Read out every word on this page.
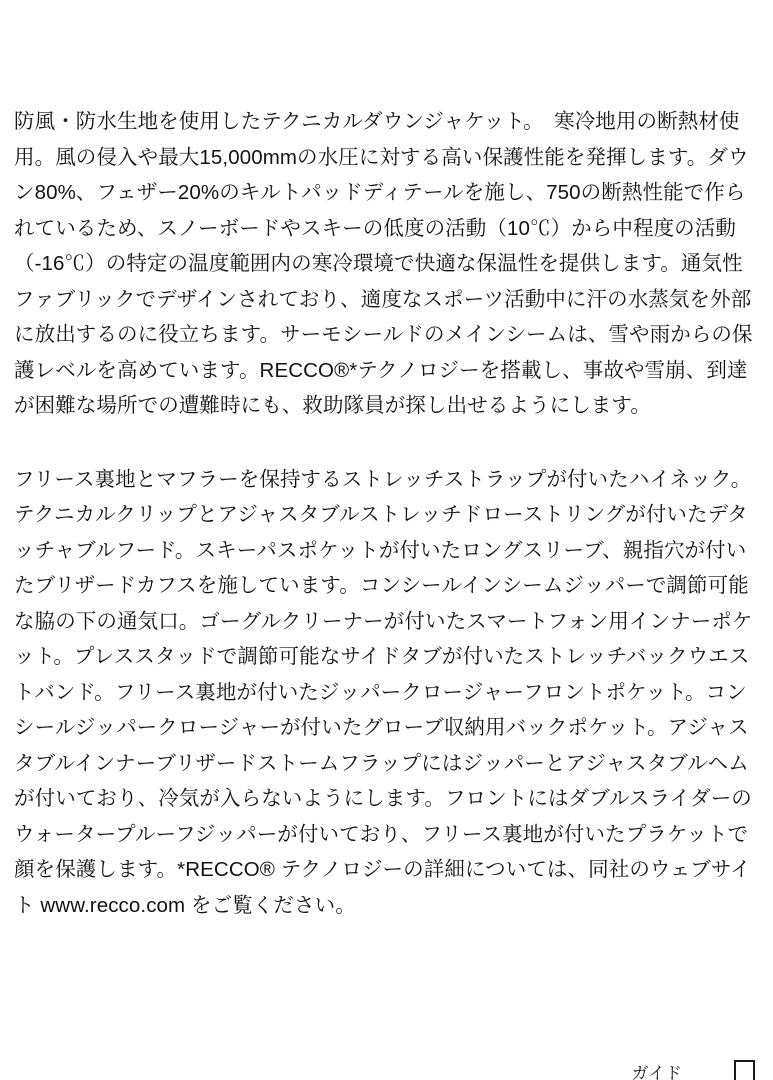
防風・防水生地を使用したテクニカルダウンジャケット。　寒冷地用の断熱材使用。風の侵入や最大15,000mmの水圧に対する高い保護性能を発揮します。ダウン80%、フェザー20%のキルトパッドディテールを施し、750の断熱性能で作られているため、スノーボードやスキーの低度の活動（10℃）から中程度の活動（-16℃）の特定の温度範囲内の寒冷環境で快適な保温性を提供します。通気性ファブリックでデザインされており、適度なスポーツ活動中に汗の水蒸気を外部に放出するのに役立ちます。サーモシールドのメインシームは、雪や雨からの保護レベルを高めています。RECCO®*テクノロジーを搭載し、事故や雪崩、到達が困難な場所での遭難時にも、救助隊員が探し出せるようにします。

フリース裏地とマフラーを保持するストレッチストラップが付いたハイネック。テクニカルクリップとアジャスタブルストレッチドローストリングが付いたデタッチャブルフード。スキーパスポケットが付いたロングスリーブ、親指穴が付いたブリザードカフスを施しています。コンシールインシームジッパーで調節可能な脇の下の通気口。ゴーグルクリーナーが付いたスマートフォン用インナーポケット。プレススタッドで調節可能なサイドタブが付いたストレッチバックウエストバンド。フリース裏地が付いたジッパークロージャーフロントポケット。コンシールジッパークロージャーが付いたグローブ収納用バックポケット。アジャスタブルインナーブリザードストームフラップにはジッパーとアジャスタブルヘムが付いており、冷気が入らないようにします。フロントにはダブルスライダーのウォータープルーフジッパーが付いており、フリース裏地が付いたプラケットで顔を保護します。*RECCO® テクノロジーの詳細については、同社のウェブサイト www.recco.com をご覧ください。

ガイド
